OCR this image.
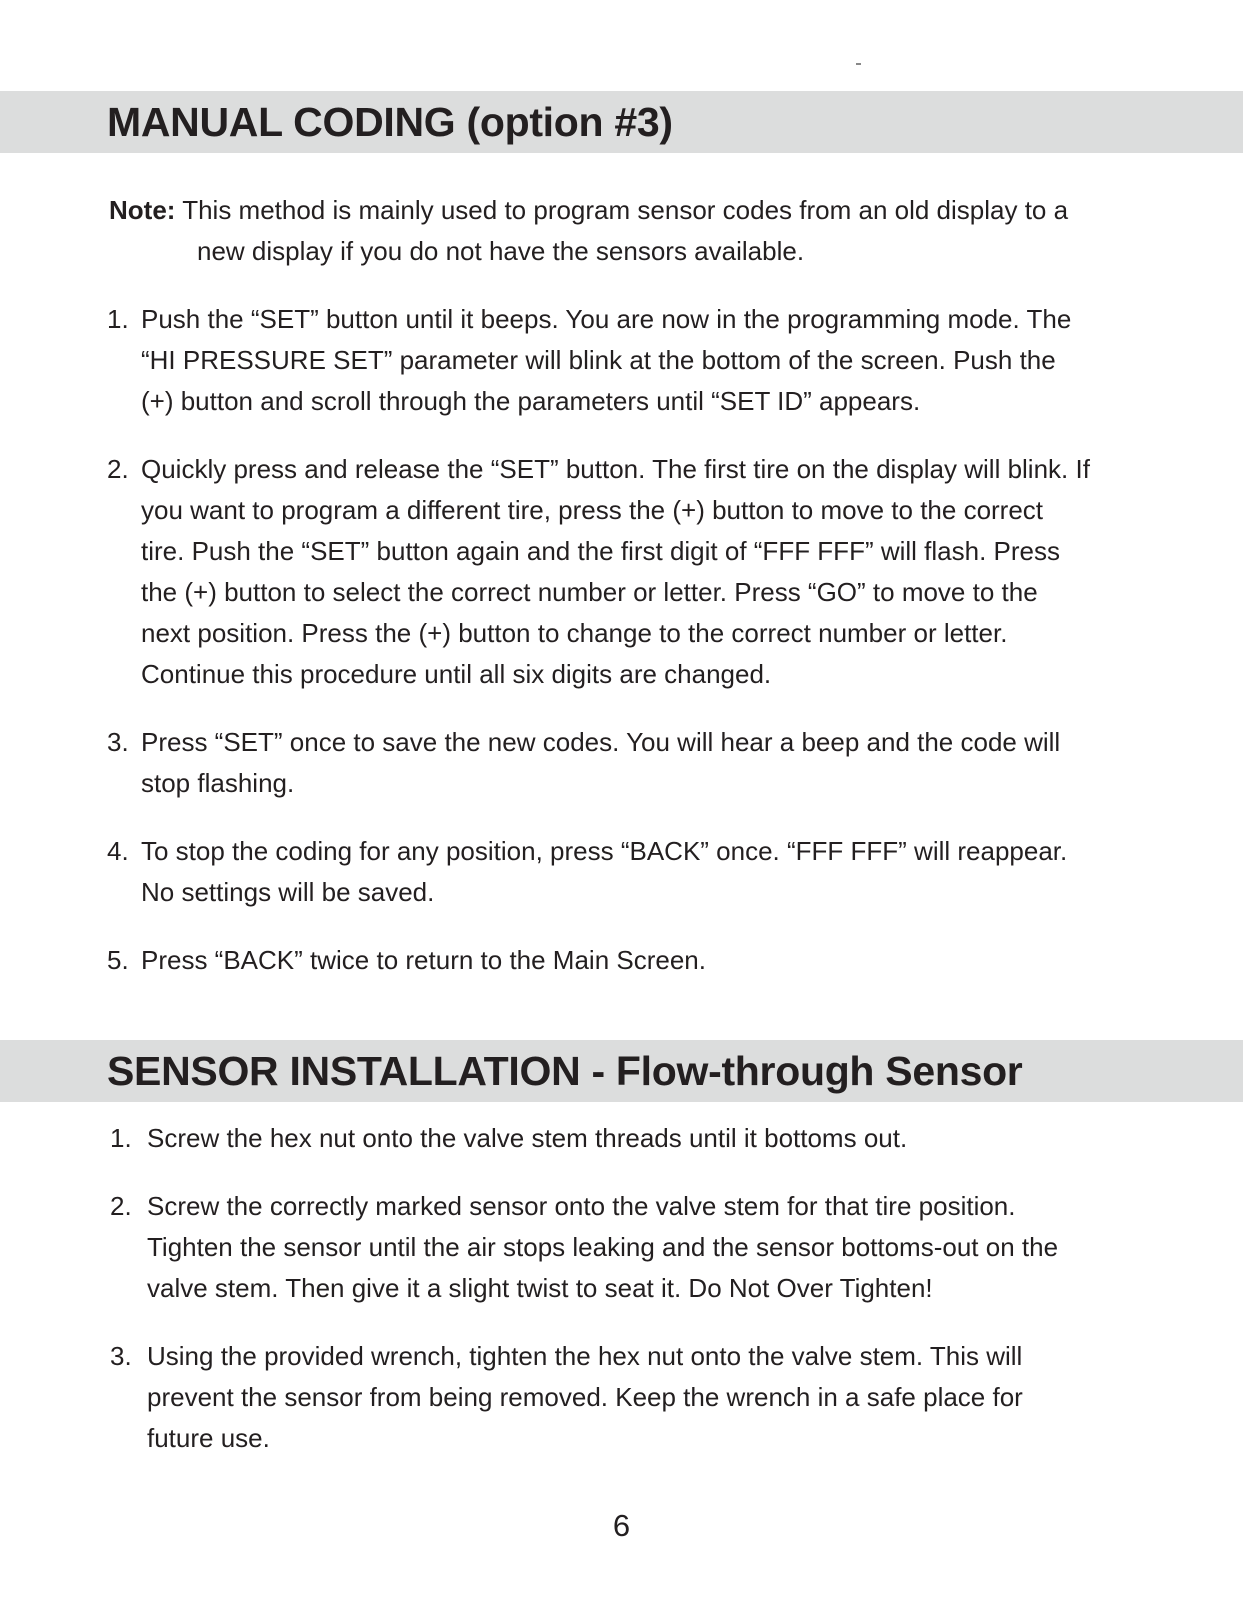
MANUAL CODING (option #3)
Note: This method is mainly used to program sensor codes from an old display to a
new display if you do not have the sensors available.
1. Push the “SET” button until it beeps. You are now in the programming mode. The
“HI PRESSURE SET” parameter will blink at the bottom of the screen. Push the
(+) button and scroll through the parameters until “SET ID” appears.
2. Quickly press and release the “SET” button. The first tire on the display will blink. If
you want to program a different tire, press the (+) button to move to the correct
tire. Push the “SET” button again and the first digit of “FFF FFF” will flash. Press
the (+) button to select the correct number or letter. Press “GO” to move to the
next position. Press the (+) button to change to the correct number or letter.
Continue this procedure until all six digits are changed.
3. Press “SET” once to save the new codes. You will hear a beep and the code will
stop flashing.
4. To stop the coding for any position, press “BACK” once. “FFF FFF” will reappear.
No settings will be saved.
5. Press “BACK” twice to return to the Main Screen.
SENSOR INSTALLATION - Flow-through Sensor
1. Screw the hex nut onto the valve stem threads until it bottoms out.
2. Screw the correctly marked sensor onto the valve stem for that tire position.
Tighten the sensor until the air stops leaking and the sensor bottoms-out on the
valve stem. Then give it a slight twist to seat it. Do Not Over Tighten!
3. Using the provided wrench, tighten the hex nut onto the valve stem. This will
prevent the sensor from being removed. Keep the wrench in a safe place for
future use.
6
